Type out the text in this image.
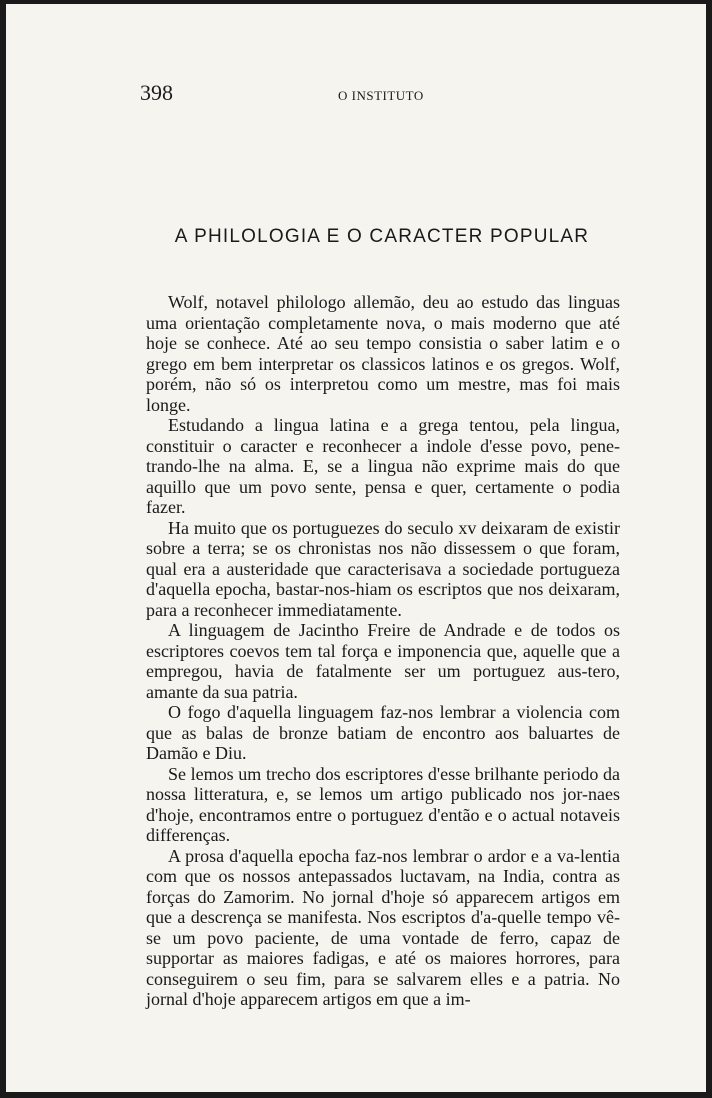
398	O INSTITUTO
A PHILOLOGIA E O CARACTER POPULAR

Wolf, notavel philologo allemão, deu ao estudo das linguas uma orientação completamente nova, o mais moderno que até hoje se conhece. Até ao seu tempo consistia o saber latim e o grego em bem interpretar os classicos latinos e os gregos. Wolf, porém, não só os interpretou como um mestre, mas foi mais longe.

Estudando a lingua latina e a grega tentou, pela lingua, constituir o caracter e reconhecer a indole d'esse povo, pene-trando-lhe na alma. E, se a lingua não exprime mais do que aquillo que um povo sente, pensa e quer, certamente o podia fazer.

Ha muito que os portuguezes do seculo xv deixaram de existir sobre a terra; se os chronistas nos não dissessem o que foram, qual era a austeridade que caracterisava a sociedade portugueza d'aquella epocha, bastar-nos-hiam os escriptos que nos deixaram, para a reconhecer immediatamente.

A linguagem de Jacintho Freire de Andrade e de todos os escriptores coevos tem tal força e imponencia que, aquelle que a empregou, havia de fatalmente ser um portuguez aus-tero, amante da sua patria.

O fogo d'aquella linguagem faz-nos lembrar a violencia com que as balas de bronze batiam de encontro aos baluartes de Damão e Diu.

Se lemos um trecho dos escriptores d'esse brilhante periodo da nossa litteratura, e, se lemos um artigo publicado nos jor-naes d'hoje, encontramos entre o portuguez d'então e o actual notaveis differenças.

A prosa d'aquella epocha faz-nos lembrar o ardor e a va-lentia com que os nossos antepassados luctavam, na India, contra as forças do Zamorim. No jornal d'hoje só apparecem artigos em que a descrença se manifesta. Nos escriptos d'a-quelle tempo vê-se um povo paciente, de uma vontade de ferro, capaz de supportar as maiores fadigas, e até os maiores horrores, para conseguirem o seu fim, para se salvarem elles e a patria. No jornal d'hoje apparecem artigos em que a im-
